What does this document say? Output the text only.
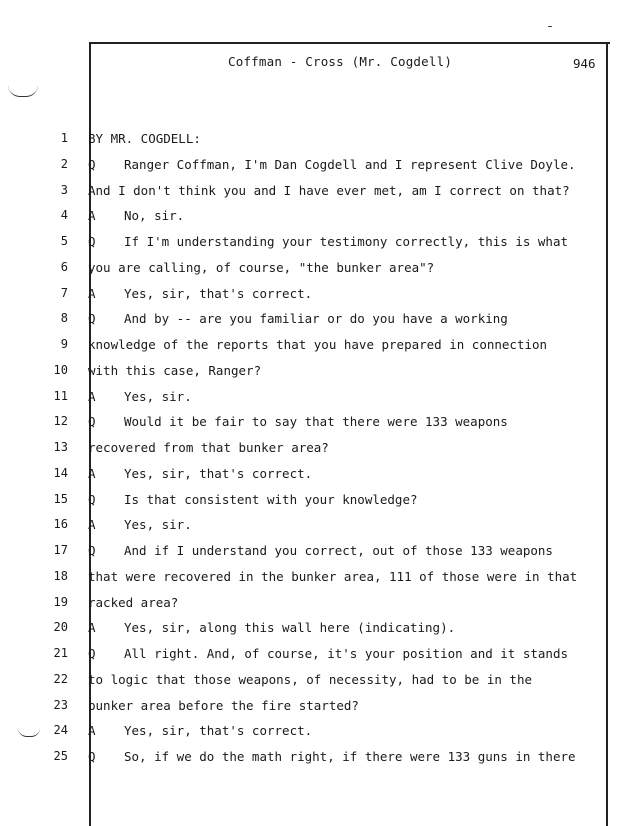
Coffman - Cross (Mr. Cogdell)	946
1 BY MR. COGDELL:
2 Q Ranger Coffman, I'm Dan Cogdell and I represent Clive Doyle.
3 And I don't think you and I have ever met, am I correct on that?
4 A No, sir.
5 Q If I'm understanding your testimony correctly, this is what
6 you are calling, of course, "the bunker area"?
7 A Yes, sir, that's correct.
8 Q And by -- are you familiar or do you have a working
9 knowledge of the reports that you have prepared in connection
10 with this case, Ranger?
11 A Yes, sir.
12 Q Would it be fair to say that there were 133 weapons
13 recovered from that bunker area?
14 A Yes, sir, that's correct.
15 Q Is that consistent with your knowledge?
16 A Yes, sir.
17 Q And if I understand you correct, out of those 133 weapons
18 that were recovered in the bunker area, 111 of those were in that
19 racked area?
20 A Yes, sir, along this wall here (indicating).
21 Q All right. And, of course, it's your position and it stands
22 to logic that those weapons, of necessity, had to be in the
23 bunker area before the fire started?
24 A Yes, sir, that's correct.
25 Q So, if we do the math right, if there were 133 guns in there
